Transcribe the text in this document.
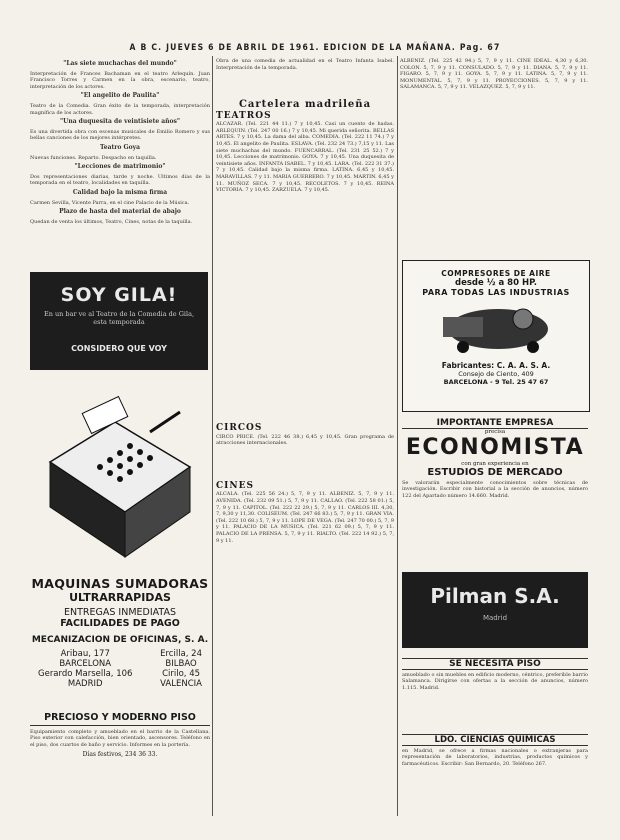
A B C. JUEVES 6 DE ABRIL DE 1961. EDICION DE LA MAÑANA. Pag. 67
"Las siete muchachas del mundo"

Interpretación de Frances Bachaman en el teatro Arlequín. Juan Francisco Torres y Carmen en la obra, escenario, teatro, interpretación de los actores.

"El angelito de Paulita"

Teatro de la Comedia. Gran éxito de la temporada, interpretación magnífica de los actores.

"Una duquesita de veintisiete años"

Es una divertida obra con escenas musicales de Emilio Romero y sus bellas canciones de los mejores intérpretes.

Teatro Goya

Nuevas funciones. Reparto. Despacho en taquilla.

"Lecciones de matrimonio"

Dos representaciones diarias, tarde y noche. Ultimos días de la temporada en el teatro, localidades en taquilla.

Calidad bajo la misma firma

Carmen Sevilla, Vicente Parra, en el cine Palacio de la Música.

Plazo de hasta del material de abajo

Quedan de venta los últimos, Teatro, Cines, notas de la taquilla.

SOY GILA!
En un bar ve al Teatro de la Comedia de Gila, esta temporada
CONSIDERO QUE VOY
MAQUINAS SUMADORAS
ULTRARRAPIDAS
ENTREGAS INMEDIATAS
FACILIDADES DE PAGO
MECANIZACION DE OFICINAS, S. A.
Aribau, 177
BARCELONA
Gerardo Marsella, 106
MADRID
Ercilla, 24
BILBAO
Cirilo, 45
VALENCIA
PRECIOSO Y MODERNO PISO
Equipamiento completo y amueblado en el barrio de la Castellana. Piso exterior con calefacción, bien orientado, ascensores. Teléfono en el piso, dos cuartos de baño y servicio. Informes en la portería.
Días festivos, 234 36 33.
Obra de una comedia de actualidad en el Teatro Infanta Isabel. Interpretación de la temporada.
Cartelera madrileña
TEATROS
ALCAZAR. (Tel. 221 44 11.) 7 y 10,45. Casi un cuento de hadas. ARLEQUIN. (Tel. 247 00 16.) 7 y 10,45. Mi querida señorita. BELLAS ARTES. 7 y 10,45. La dama del alba. COMEDIA. (Tel. 222 11 74.) 7 y 10,45. El angelito de Paulita. ESLAVA. (Tel. 232 24 73.) 7,15 y 11. Las siete muchachas del mundo. FUENCARRAL. (Tel. 231 25 52.) 7 y 10,45. Lecciones de matrimonio. GOYA. 7 y 10,45. Una duquesita de veintisiete años. INFANTA ISABEL. 7 y 10,45. LARA. (Tel. 222 31 37.) 7 y 10,45. Calidad bajo la misma firma. LATINA. 6,45 y 10,45. MARAVILLAS. 7 y 11. MARIA GUERRERO. 7 y 10,45. MARTIN. 6,45 y 11. MUÑOZ SECA. 7 y 10,45. RECOLETOS. 7 y 10,45. REINA VICTORIA. 7 y 10,45. ZARZUELA. 7 y 10,45.
CIRCOS
CIRCO PRICE. (Tel. 222 46 38.) 6,45 y 10,45. Gran programa de atracciones internacionales.
CINES
ALCALA. (Tel. 225 56 24.) 5, 7, 9 y 11. ALBENIZ. 5, 7, 9 y 11. AVENIDA. (Tel. 232 09 51.) 5, 7, 9 y 11. CALLAO. (Tel. 222 58 01.) 5, 7, 9 y 11. CAPITOL. (Tel. 222 22 29.) 5, 7, 9 y 11. CARLOS III. 4,30, 7, 9,30 y 11,30. COLISEUM. (Tel. 247 66 83.) 5, 7, 9 y 11. GRAN VIA. (Tel. 222 10 68.) 5, 7, 9 y 11. LOPE DE VEGA. (Tel. 247 70 00.) 5, 7, 9 y 11. PALACIO DE LA MUSICA. (Tel. 221 62 09.) 5, 7, 9 y 11. PALACIO DE LA PRENSA. 5, 7, 9 y 11. RIALTO. (Tel. 222 14 92.) 5, 7, 9 y 11.
ALBENIZ. (Tel. 225 42 94.) 5, 7, 9 y 11. CINE IDEAL. 4,30 y 6,30. COLON. 5, 7, 9 y 11. CONSULADO. 5, 7, 9 y 11. DIANA. 5, 7, 9 y 11. FIGARO. 5, 7, 9 y 11. GOYA. 5, 7, 9 y 11. LATINA. 5, 7, 9 y 11. MONUMENTAL. 5, 7, 9 y 11. PROYECCIONES. 5, 7, 9 y 11. SALAMANCA. 5, 7, 9 y 11. VELAZQUEZ. 5, 7, 9 y 11.
COMPRESORES DE AIRE
desde ½ a 80 HP.
PARA TODAS LAS INDUSTRIAS
Fabricantes: C. A. A. S. A.
Consejo de Ciento, 409
BARCELONA - 9 Tel. 25 47 67
IMPORTANTE EMPRESA
precisa
ECONOMISTA
con gran experiencia en
ESTUDIOS DE MERCADO
Se valorarán especialmente conocimientos sobre técnicas de investigación. Escribir con historial a la sección de anuncios, número 122 del Apartado número 14.660. Madrid.
Pilman S.A.
Madrid
SE NECESITA PISO
amueblado o sin muebles en edificio moderno, céntrico, preferible barrio Salamanca. Dirigirse con ofertas a la sección de anuncios, número 1.115. Madrid.
LDO. CIENCIAS QUIMICAS
en Madrid, se ofrece a firmas nacionales o extranjeras para representación de laboratorios, industrias, productos químicos y farmacéuticos. Escribir: San Bernardo, 20. Teléfono 267.
